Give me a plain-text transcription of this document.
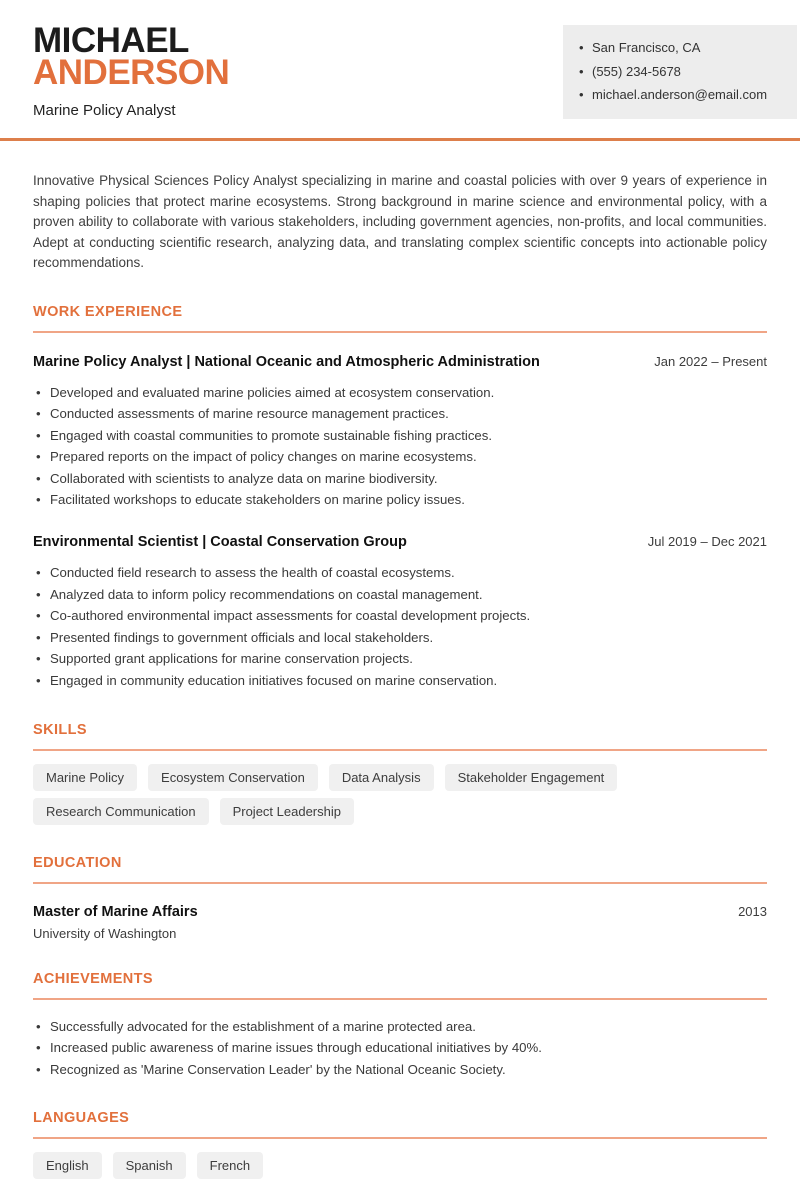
MICHAEL
ANDERSON
Marine Policy Analyst
• San Francisco, CA
• (555) 234-5678
• michael.anderson@email.com

Innovative Physical Sciences Policy Analyst specializing in marine and coastal policies with over 9 years of experience in shaping policies that protect marine ecosystems. Strong background in marine science and environmental policy, with a proven ability to collaborate with various stakeholders, including government agencies, non-profits, and local communities. Adept at conducting scientific research, analyzing data, and translating complex scientific concepts into actionable policy recommendations.

WORK EXPERIENCE
Marine Policy Analyst | National Oceanic and Atmospheric Administration	Jan 2022 – Present
• Developed and evaluated marine policies aimed at ecosystem conservation.
• Conducted assessments of marine resource management practices.
• Engaged with coastal communities to promote sustainable fishing practices.
• Prepared reports on the impact of policy changes on marine ecosystems.
• Collaborated with scientists to analyze data on marine biodiversity.
• Facilitated workshops to educate stakeholders on marine policy issues.
Environmental Scientist | Coastal Conservation Group	Jul 2019 – Dec 2021
• Conducted field research to assess the health of coastal ecosystems.
• Analyzed data to inform policy recommendations on coastal management.
• Co-authored environmental impact assessments for coastal development projects.
• Presented findings to government officials and local stakeholders.
• Supported grant applications for marine conservation projects.
• Engaged in community education initiatives focused on marine conservation.
SKILLS
Marine Policy	Ecosystem Conservation	Data Analysis	Stakeholder Engagement
Research Communication	Project Leadership
EDUCATION
Master of Marine Affairs	2013
University of Washington
ACHIEVEMENTS
• Successfully advocated for the establishment of a marine protected area.
• Increased public awareness of marine issues through educational initiatives by 40%.
• Recognized as 'Marine Conservation Leader' by the National Oceanic Society.
LANGUAGES
English	Spanish	French
